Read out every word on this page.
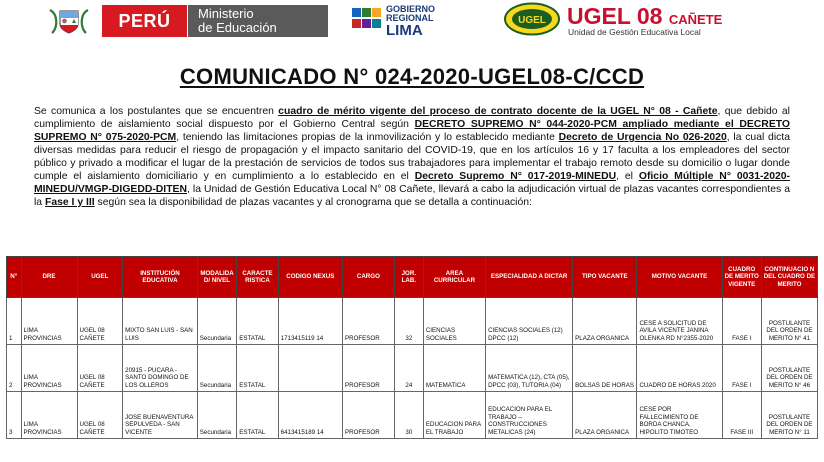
PERÚ	Ministerio
de Educación
GOBIERNO
REGIONAL
LIMA
UGEL UGEL 08 CAÑETE
Unidad de Gestión Educativa Local
COMUNICADO N° 024-2020-UGEL08-C/CCD
Se comunica a los postulantes que se encuentren cuadro de mérito vigente del proceso de contrato docente de la UGEL N° 08 - Cañete, que debido al cumplimiento de aislamiento social dispuesto por el Gobierno Central según DECRETO SUPREMO N° 044-2020-PCM ampliado mediante el DECRETO SUPREMO N° 075-2020-PCM, teniendo las limitaciones propias de la inmovilización y lo establecido mediante Decreto de Urgencia No 026-2020, la cual dicta diversas medidas para reducir el riesgo de propagación y el impacto sanitario del COVID-19, que en los artículos 16 y 17 faculta a los empleadores del sector público y privado a modificar el lugar de la prestación de servicios de todos sus trabajadores para implementar el trabajo remoto desde su domicilio o lugar donde cumple el aislamiento domiciliario y en cumplimiento a lo establecido en el Decreto Supremo N° 017-2019-MINEDU, el Oficio Múltiple N° 0031-2020-MINEDU/VMGP-DIGEDD-DITEN, la Unidad de Gestión Educativa Local N° 08 Cañete, llevará a cabo la adjudicación virtual de plazas vacantes correspondientes a la Fase I y III según sea la disponibilidad de plazas vacantes y al cronograma que se detalla a continuación:
N°	DRE	UGEL	INSTITUCIÓN EDUCATIVA	MODALIDA D/ NIVEL	CARACTE RISTICA	CODIGO NEXUS	CARGO	JOR. LAB.	AREA CURRICULAR	ESPECIALIDAD A DICTAR	TIPO VACANTE	MOTIVO VACANTE	CUADRO DE MERITO VIGENTE	CONTINUACIO N DEL CUADRO DE MERITO
1	LIMA PROVINCIAS	UGEL 08 CAÑETE	MIXTO SAN LUIS - SAN LUIS	Secundaria	ESTATAL	1713415119 14	PROFESOR	32	CIENCIAS SOCIALES	CIENCIAS SOCIALES (12) DPCC (12)	PLAZA ORGANICA	CESE A SOLICITUD DE AVILA VICENTE JANINA OLENKA RD N°2355-2020	FASE I	POSTULANTE DEL ORDEN DE MERITO N° 41
2	LIMA PROVINCIAS	UGEL 08 CAÑETE	20915 - PUCARA - SANTO DOMINGO DE LOS OLLEROS	Secundaria	ESTATAL		PROFESOR	24	MATEMATICA	MATEMATICA (12), CTA (05), DPCC (03), TUTORIA (04)	BOLSAS DE HORAS	CUADRO DE HORAS 2020	FASE I	POSTULANTE DEL ORDEN DE MERITO N° 46
3	LIMA PROVINCIAS	UGEL 08 CAÑETE	JOSE BUENAVENTURA SEPULVEDA - SAN VICENTE	Secundaria	ESTATAL	6413415189 14	PROFESOR	30	EDUCACION PARA EL TRABAJO	EDUCACION PARA EL TRABAJO – CONSTRUCCIONES METALICAS (24)	PLAZA ORGANICA	CESE POR FALLECIMIENTO DE BORDA CHANCA, HIPOLITO TIMOTEO	FASE III	POSTULANTE DEL ORDEN DE MERITO N° 11
